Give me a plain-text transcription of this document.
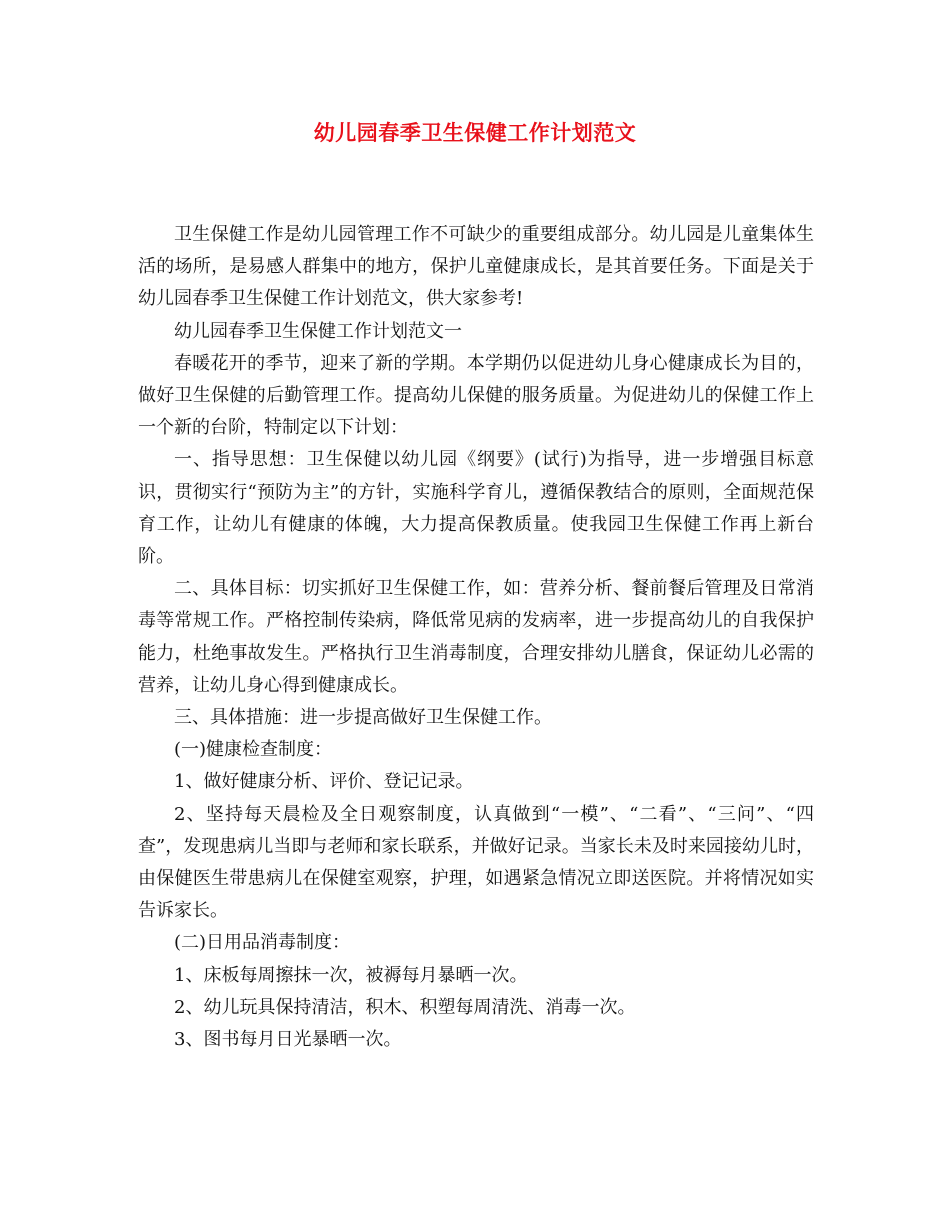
幼儿园春季卫生保健工作计划范文

卫生保健工作是幼儿园管理工作不可缺少的重要组成部分。幼儿园是儿童集体生活的场所，是易感人群集中的地方，保护儿童健康成长，是其首要任务。下面是关于幼儿园春季卫生保健工作计划范文，供大家参考!

幼儿园春季卫生保健工作计划范文一

春暖花开的季节，迎来了新的学期。本学期仍以促进幼儿身心健康成长为目的，做好卫生保健的后勤管理工作。提高幼儿保健的服务质量。为促进幼儿的保健工作上一个新的台阶，特制定以下计划：

一、指导思想：卫生保健以幼儿园《纲要》(试行)为指导，进一步增强目标意识，贯彻实行“预防为主”的方针，实施科学育儿，遵循保教结合的原则，全面规范保育工作，让幼儿有健康的体魄，大力提高保教质量。使我园卫生保健工作再上新台阶。

二、具体目标：切实抓好卫生保健工作，如：营养分析、餐前餐后管理及日常消毒等常规工作。严格控制传染病，降低常见病的发病率，进一步提高幼儿的自我保护能力，杜绝事故发生。严格执行卫生消毒制度，合理安排幼儿膳食，保证幼儿必需的营养，让幼儿身心得到健康成长。

三、具体措施：进一步提高做好卫生保健工作。

(一)健康检查制度：

1、做好健康分析、评价、登记记录。

2、坚持每天晨检及全日观察制度，认真做到“一模”、“二看”、“三问”、“四查”，发现患病儿当即与老师和家长联系，并做好记录。当家长未及时来园接幼儿时，由保健医生带患病儿在保健室观察，护理，如遇紧急情况立即送医院。并将情况如实告诉家长。

(二)日用品消毒制度：

1、床板每周擦抹一次，被褥每月暴晒一次。

2、幼儿玩具保持清洁，积木、积塑每周清洗、消毒一次。

3、图书每月日光暴晒一次。
